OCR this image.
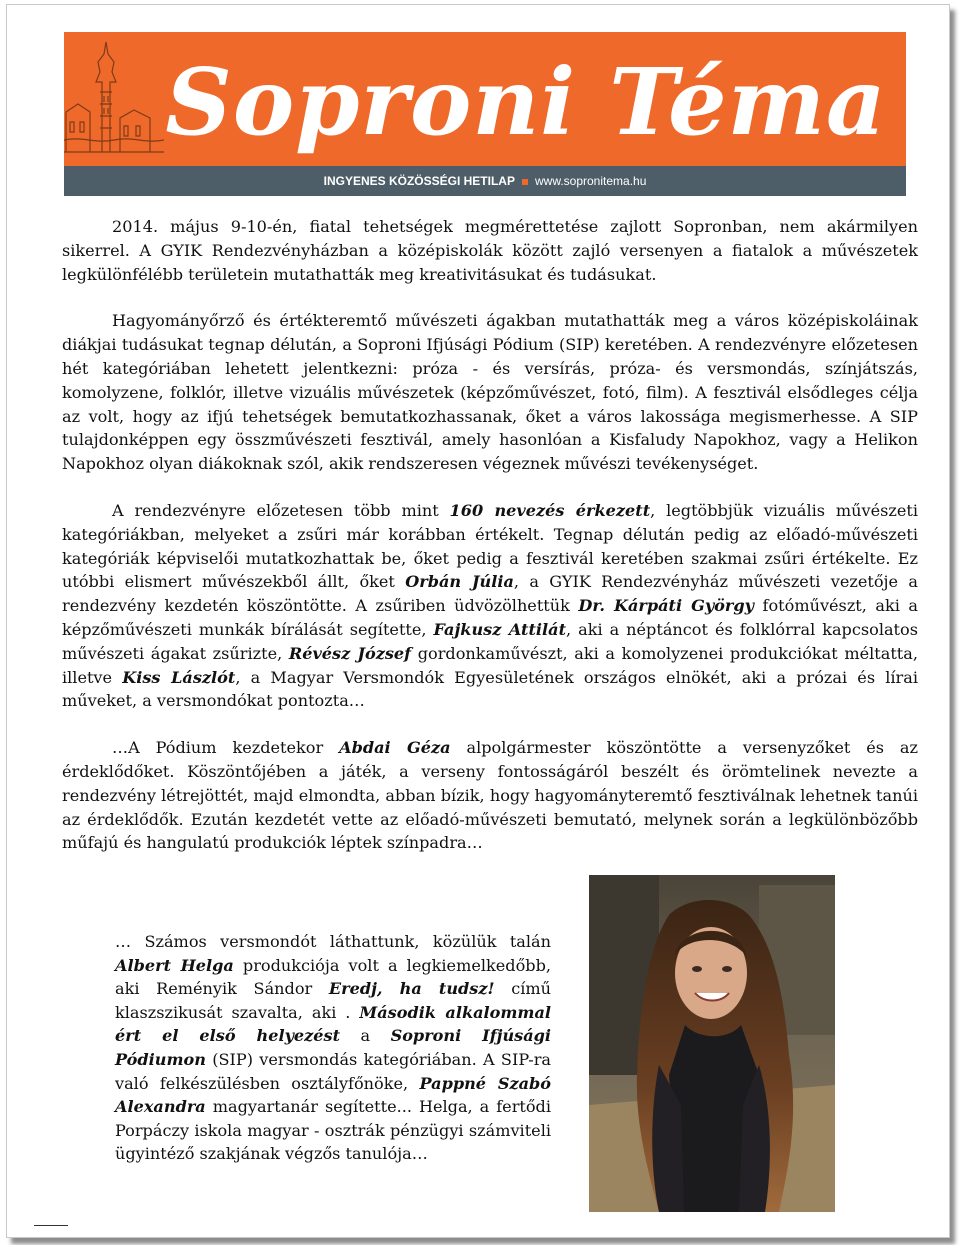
Soproni Téma
INGYENES KÖZÖSSÉGI HETILAP www.sopronitema.hu

2014. május 9-10-én, fiatal tehetségek megmérettetése zajlott Sopronban, nem akármilyen sikerrel. A GYIK Rendezvényházban a középiskolák között zajló versenyen a fiatalok a művészetek legkülönfélébb területein mutathatták meg kreativitásukat és tudásukat.

Hagyományőrző és értékteremtő művészeti ágakban mutathatták meg a város középiskoláinak diákjai tudásukat tegnap délután, a Soproni Ifjúsági Pódium (SIP) keretében. A rendezvényre előzetesen hét kategóriában lehetett jelentkezni: próza - és versírás, próza- és versmondás, színjátszás, komolyzene, folklór, illetve vizuális művészetek (képzőművészet, fotó, film). A fesztivál elsődleges célja az volt, hogy az ifjú tehetségek bemutatkozhassanak, őket a város lakossága megismerhesse. A SIP tulajdonképpen egy összművészeti fesztivál, amely hasonlóan a Kisfaludy Napokhoz, vagy a Helikon Napokhoz olyan diákoknak szól, akik rendszeresen végeznek művészi tevékenységet.

A rendezvényre előzetesen több mint 160 nevezés érkezett, legtöbbjük vizuális művészeti kategóriákban, melyeket a zsűri már korábban értékelt. Tegnap délután pedig az előadó-művészeti kategóriák képviselői mutatkozhattak be, őket pedig a fesztivál keretében szakmai zsűri értékelte. Ez utóbbi elismert művészekből állt, őket Orbán Júlia, a GYIK Rendezvényház művészeti vezetője a rendezvény kezdetén köszöntötte. A zsűriben üdvözölhettük Dr. Kárpáti György fotóművészt, aki a képzőművészeti munkák bírálását segítette, Fajkusz Attilát, aki a néptáncot és folklórral kapcsolatos művészeti ágakat zsűrizte, Révész József gordonkaművészt, aki a komolyzenei produkciókat méltatta, illetve Kiss Lászlót, a Magyar Versmondók Egyesületének országos elnökét, aki a prózai és lírai műveket, a versmondókat pontozta…

…A Pódium kezdetekor Abdai Géza alpolgármester köszöntötte a versenyzőket és az érdeklődőket. Köszöntőjében a játék, a verseny fontosságáról beszélt és örömtelinek nevezte a rendezvény létrejöttét, majd elmondta, abban bízik, hogy hagyományteremtő fesztiválnak lehetnek tanúi az érdeklődők. Ezután kezdetét vette az előadó-művészeti bemutató, melynek során a legkülönbözőbb műfajú és hangulatú produkciók léptek színpadra…

… Számos versmondót láthattunk, közülük talán Albert Helga produkciója volt a legkiemelkedőbb, aki Reményik Sándor Eredj, ha tudsz! című klaszszikusát szavalta, aki . Második alkalommal ért el első helyezést a Soproni Ifjúsági Pódiumon (SIP) versmondás kategóriában. A SIP-ra való felkészülésben osztályfőnöke, Pappné Szabó Alexandra magyartanár segítette... Helga, a fertődi Porpáczy iskola magyar - osztrák pénzügyi számviteli ügyintéző szakjának végzős tanulója…
